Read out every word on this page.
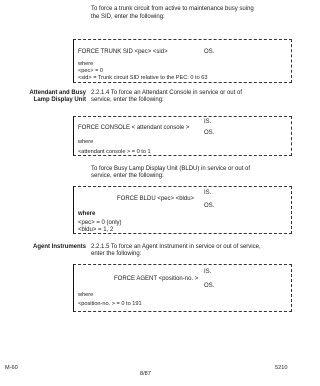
To force a trunk circuit from active to maintenance busy suing
the SID, enter the following:
FORCE TRUNK SID <pec> <sid>	OS.
where
<pec> = 0
<sid> = Trunk circuit SID relative to the PEC: 0 to 63
Attendant and Busy
Lamp Display Unit
2.2.1.4 To force an Attendant Console in service or out of
service, enter the following:
IS.
FORCE CONSOLE < attendant console >
OS.
where
<attendant console > = 0 to 1
To force Busy Lamp Display Unit (BLDU) in service or out of
service, enter the following:
IS.
FORCE BLDU <pec> <bldu>
OS.
where
<pec> = 0 (only)
<bldu> = 1, 2
Agent Instruments 2.2.1.5 To force an Agent Instrument in service or out of service,
enter the following:
IS.
FORCE AGENT <position-no. >
OS.
where
<position-no. > = 0 to 191
M-60
8/87
5210
